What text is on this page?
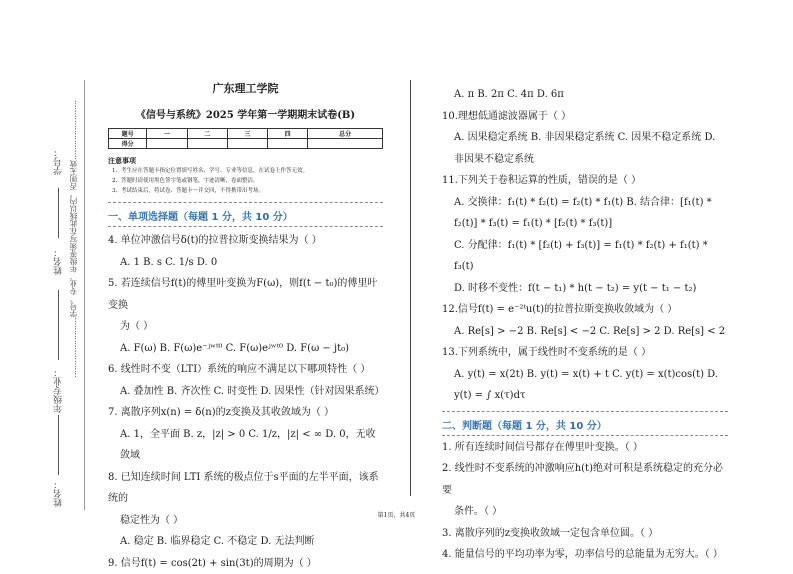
学号：
姓名：
年级专业：
姓名：
……………………学号、专业、年级等须写在此线以内，否则无效……………………
广东理工学院
《信号与系统》2025 学年第一学期期末试卷(B)
题号	一	二	三	四	总分
得分					
注意事项
1、考生应在答题卡指定位置填写姓名、学号、专业等信息，在试卷上作答无效。
2、答题时请使用黑色签字笔或钢笔，字迹清晰，卷面整洁。
3、考试结束后，将试卷、答题卡一并交回，不得携带出考场。
一、单项选择题（每题 1 分，共 10 分）
4. 单位冲激信号δ(t)的拉普拉斯变换结果为（ ）
A. 1 B. s C. 1/s D. 0
5. 若连续信号f(t)的傅里叶变换为F(ω)，则f(t − t₀)的傅里叶变换
为（ ）
A. F(ω) B. F(ω)e⁻ʲʷᵗ⁰ C. F(ω)eʲʷᵗ⁰ D. F(ω − jt₀)
6. 线性时不变（LTI）系统的响应不满足以下哪项特性（ ）
A. 叠加性 B. 齐次性 C. 时变性 D. 因果性（针对因果系统）
7. 离散序列x(n) = δ(n)的z变换及其收敛域为（ ）
A. 1，全平面 B. z，|z| > 0 C. 1/z，|z| < ∞ D. 0，无收敛域
8. 已知连续时间 LTI 系统的极点位于s平面的左半平面，该系统的
稳定性为（ ）
A. 稳定 B. 临界稳定 C. 不稳定 D. 无法判断
9. 信号f(t) = cos(2t) + sin(3t)的周期为（ ）
A. π B. 2π C. 4π D. 6π
10.理想低通滤波器属于（ ）
A. 因果稳定系统 B. 非因果稳定系统 C. 因果不稳定系统 D.
非因果不稳定系统
11.下列关于卷积运算的性质，错误的是（ ）
A. 交换律：f₁(t) * f₂(t) = f₂(t) * f₁(t) B. 结合律：[f₁(t) *
f₂(t)] * f₃(t) = f₁(t) * [f₂(t) * f₃(t)]
C. 分配律：f₁(t) * [f₂(t) + f₃(t)] = f₁(t) * f₂(t) + f₁(t) * f₃(t)
D. 时移不变性：f(t − t₁) * h(t − t₂) = y(t − t₁ − t₂)
12.信号f(t) = e⁻²ᵗu(t)的拉普拉斯变换收敛域为（ ）
A. Re[s] > −2 B. Re[s] < −2 C. Re[s] > 2 D. Re[s] < 2
13.下列系统中，属于线性时不变系统的是（ ）
A. y(t) = x(2t) B. y(t) = x(t) + t C. y(t) = x(t)cos(t) D.
y(t) = ∫ x(τ)dτ
二、判断题（每题 1 分，共 10 分）
1. 所有连续时间信号都存在傅里叶变换。（ ）
2. 线性时不变系统的冲激响应h(t)绝对可积是系统稳定的充分必要
条件。（ ）
3. 离散序列的z变换收敛域一定包含单位圆。（ ）
4. 能量信号的平均功率为零，功率信号的总能量为无穷大。（ ）
第1页，共4页
